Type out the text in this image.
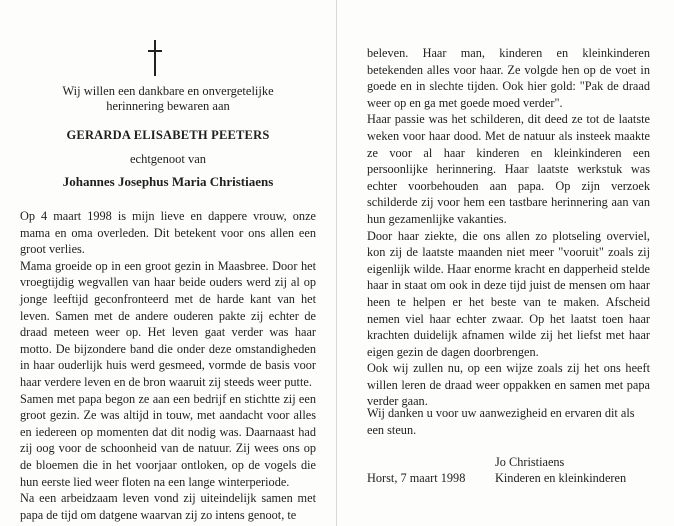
Wij willen een dankbare en onvergetelijke
herinnering bewaren aan
GERARDA ELISABETH PEETERS
echtgenoot van
Johannes Josephus Maria Christiaens

Op 4 maart 1998 is mijn lieve en dappere vrouw, onze mama en oma overleden. Dit betekent voor ons allen een groot verlies.

Mama groeide op in een groot gezin in Maasbree. Door het vroegtijdig wegvallen van haar beide ouders werd zij al op jonge leeftijd geconfronteerd met de harde kant van het leven. Samen met de andere ouderen pakte zij echter de draad meteen weer op. Het leven gaat verder was haar motto. De bijzondere band die onder deze omstandigheden in haar ouderlijk huis werd gesmeed, vormde de basis voor haar verdere leven en de bron waaruit zij steeds weer putte.

Samen met papa begon ze aan een bedrijf en stichtte zij een groot gezin. Ze was altijd in touw, met aandacht voor alles en iedereen op momenten dat dit nodig was. Daarnaast had zij oog voor de schoonheid van de natuur. Zij wees ons op de bloemen die in het voorjaar ontloken, op de vogels die hun eerste lied weer floten na een lange winterperiode.

Na een arbeidzaam leven vond zij uiteindelijk samen met papa de tijd om datgene waarvan zij zo intens genoot, te

beleven. Haar man, kinderen en kleinkinderen betekenden alles voor haar. Ze volgde hen op de voet in goede en in slechte tijden. Ook hier gold: "Pak de draad weer op en ga met goede moed verder".

Haar passie was het schilderen, dit deed ze tot de laatste weken voor haar dood. Met de natuur als insteek maakte ze voor al haar kinderen en kleinkinderen een persoonlijke herinnering. Haar laatste werkstuk was echter voorbehouden aan papa. Op zijn verzoek schilderde zij voor hem een tastbare herinnering aan van hun gezamenlijke vakanties.

Door haar ziekte, die ons allen zo plotseling overviel, kon zij de laatste maanden niet meer "vooruit" zoals zij eigenlijk wilde. Haar enorme kracht en dapperheid stelde haar in staat om ook in deze tijd juist de mensen om haar heen te helpen er het beste van te maken. Afscheid nemen viel haar echter zwaar. Op het laatst toen haar krachten duidelijk afnamen wilde zij het liefst met haar eigen gezin de dagen doorbrengen.

Ook wij zullen nu, op een wijze zoals zij het ons heeft willen leren de draad weer oppakken en samen met papa verder gaan.

Wij danken u voor uw aanwezigheid en ervaren dit als een steun.
Horst, 7 maart 1998
Jo Christiaens
Kinderen en kleinkinderen
